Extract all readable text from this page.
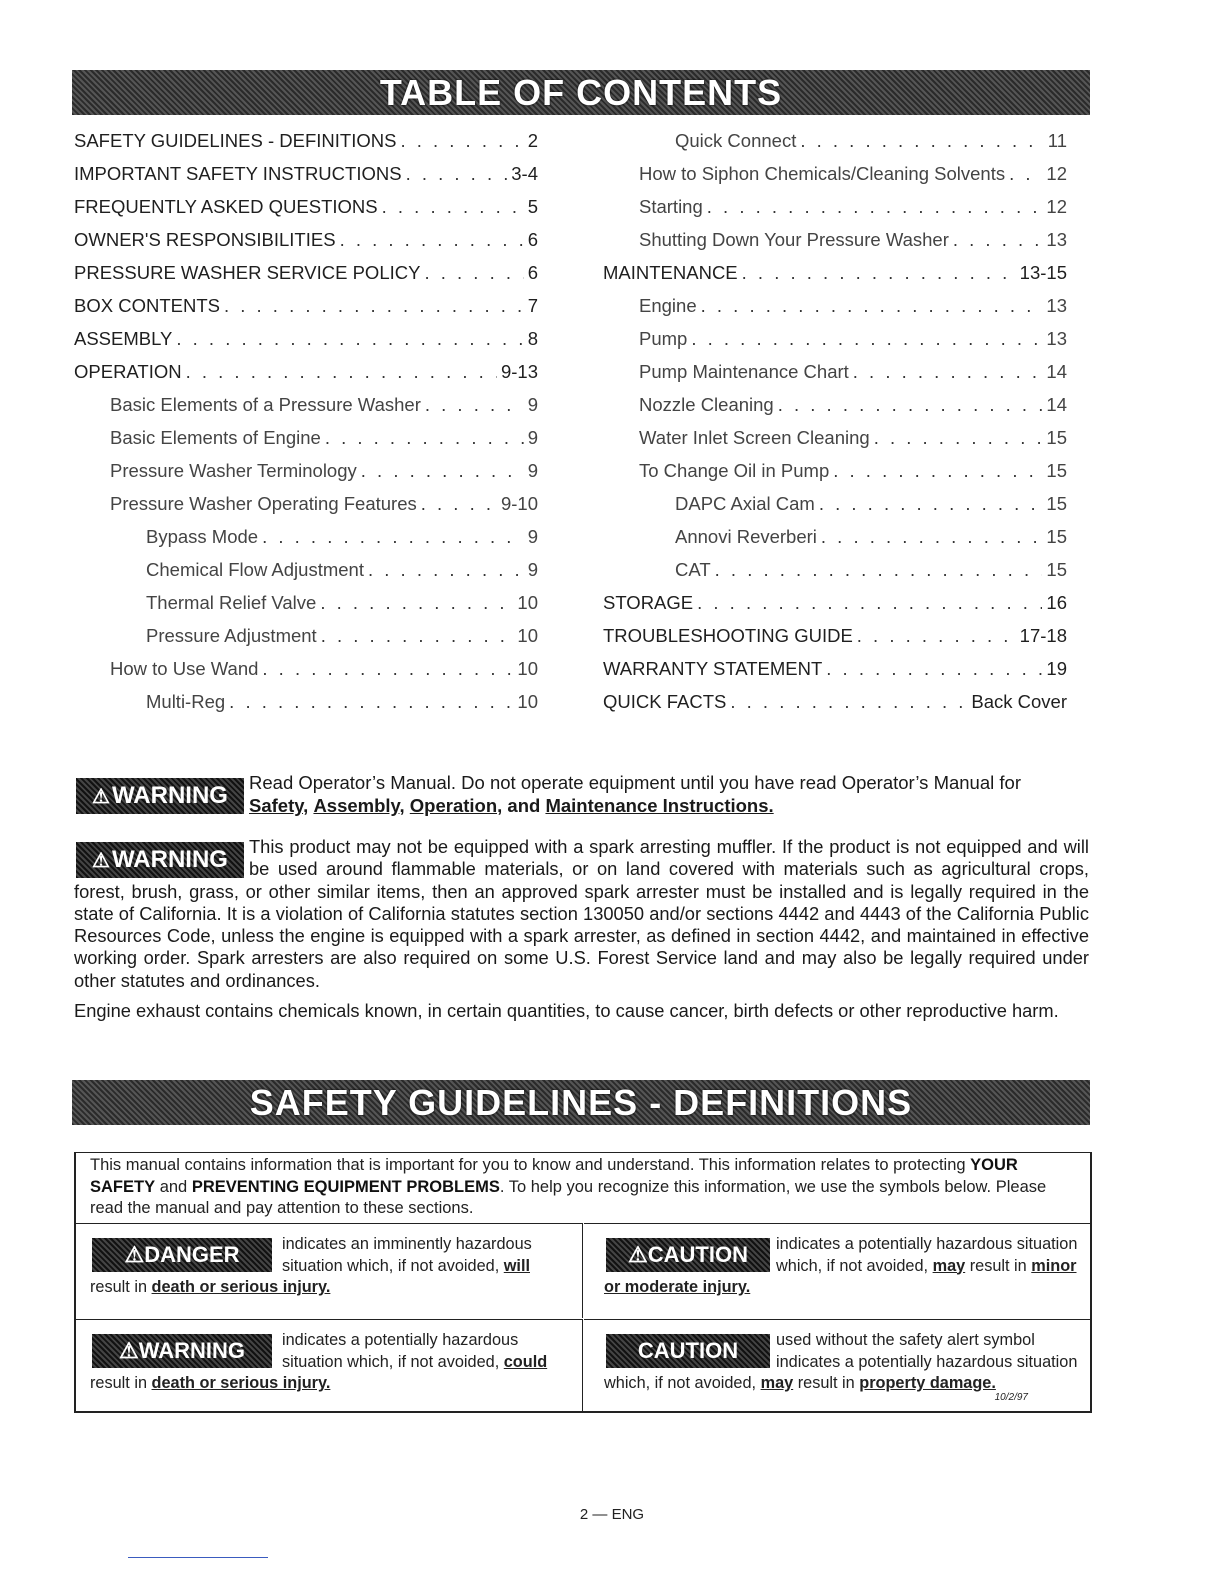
TABLE OF CONTENTS
SAFETY GUIDELINES - DEFINITIONS . . .	2
IMPORTANT SAFETY INSTRUCTIONS . . .	3-4
FREQUENTLY ASKED QUESTIONS . . .	5
OWNER'S RESPONSIBILITIES . . .	6
PRESSURE WASHER SERVICE POLICY . . .	6
BOX CONTENTS . . .	7
ASSEMBLY . . .	8
OPERATION . . .	9-13
Basic Elements of a Pressure Washer . . .	9
Basic Elements of Engine . . .	9
Pressure Washer Terminology . . .	9
Pressure Washer Operating Features . . .	9-10
Bypass Mode . . .	9
Chemical Flow Adjustment . . .	9
Thermal Relief Valve . . .	10
Pressure Adjustment . . .	10
How to Use Wand . . .	10
Multi-Reg . . .	10
Quick Connect . . .	11
How to Siphon Chemicals/Cleaning Solvents . . . 12
Starting . . .	12
Shutting Down Your Pressure Washer . . .	13
MAINTENANCE . . .	13-15
Engine . . .	13
Pump . . .	13
Pump Maintenance Chart . . .	14
Nozzle Cleaning . . .	14
Water Inlet Screen Cleaning . . .	15
To Change Oil in Pump . . .	15
DAPC Axial Cam . . .	15
Annovi Reverberi . . .	15
CAT . . .	15
STORAGE . . .	16
TROUBLESHOOTING GUIDE . . .	17-18
WARRANTY STATEMENT . . .	19
QUICK FACTS . . .	Back Cover
⚠ WARNING Read Operator’s Manual. Do not operate equipment until you have read Operator’s Manual for
Safety, Assembly, Operation, and Maintenance Instructions.
This product may not be equipped with a spark arresting muffler. If the product is not equipped and will be used around flammable materials, or on land covered with materials such as agricultural crops, forest, brush, grass, or other similar items, then an approved spark arrester must be installed and is legally required in the state of California. It is a violation of California statutes section 130050 and/or sections 4442 and 4443 of the California Public Resources Code, unless the engine is equipped with a spark arrester, as defined in section 4442, and maintained in effective working order. Spark arresters are also required on some U.S. Forest Service land and may also be legally required under other statutes and ordinances.
⚠ WARNING
Engine exhaust contains chemicals known, in certain quantities, to cause cancer, birth defects or other reproductive harm.
SAFETY GUIDELINES - DEFINITIONS
This manual contains information that is important for you to know and understand. This information relates to protecting YOUR SAFETY and PREVENTING EQUIPMENT PROBLEMS. To help you recognize this information, we use the symbols below. Please read the manual and pay attention to these sections.
⚠ DANGER	indicates an imminently hazardous situation which, if not avoided, will result in death or serious injury.
⚠ CAUTION	indicates a potentially hazardous situation which, if not avoided, may result in minor or moderate injury.
⚠ WARNING	indicates a potentially hazardous situation which, if not avoided, could result in death or serious injury.
CAUTION	used without the safety alert symbol indicates a potentially hazardous situation which, if not avoided, may result in property damage.
10/2/97
2 — ENG
